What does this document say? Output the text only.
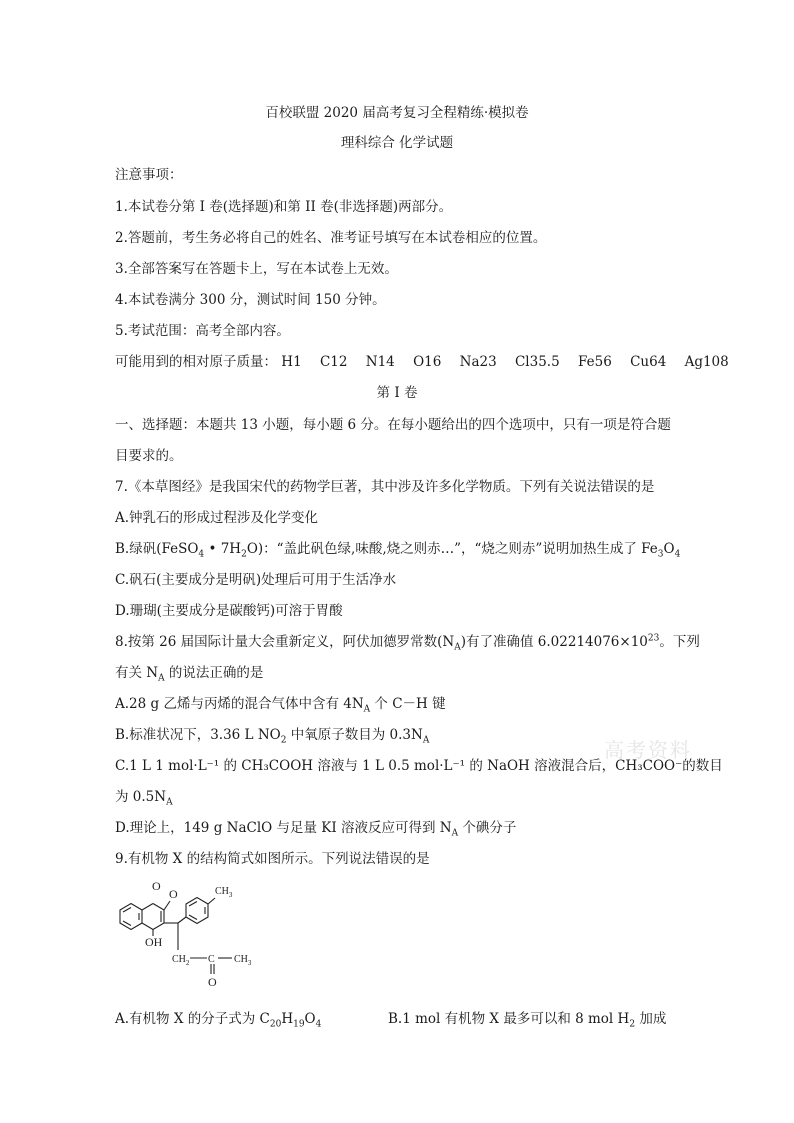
百校联盟 2020 届高考复习全程精练·模拟卷
理科综合 化学试题
注意事项：
1.本试卷分第 I 卷(选择题)和第 II 卷(非选择题)两部分。
2.答题前，考生务必将自己的姓名、准考证号填写在本试卷相应的位置。
3.全部答案写在答题卡上，写在本试卷上无效。
4.本试卷满分 300 分，测试时间 150 分钟。
5.考试范围：高考全部内容。
可能用到的相对原子质量： H1 C12 N14 O16 Na23 Cl35.5 Fe56 Cu64 Ag108
第 I 卷
一、选择题：本题共 13 小题，每小题 6 分。在每小题给出的四个选项中，只有一项是符合题
目要求的。
7.《本草图经》是我国宋代的药物学巨著，其中涉及许多化学物质。下列有关说法错误的是
A.钟乳石的形成过程涉及化学变化
B.绿矾(FeSO$_4$ • $7H_2O$)：“盖此矾色绿,味酸,烧之则赤…”，“烧之则赤”说明加热生成了 $Fe_3O_4$
C.矾石(主要成分是明矾)处理后可用于生活净水
D.珊瑚(主要成分是碳酸钙)可溶于胃酸
8.按第 26 届国际计量大会重新定义，阿伏加德罗常数$(N_A)$有了准确值 $6.02214076\times 10^{23}$。下列
有关 $N_A$ 的说法正确的是
A.28 g 乙烯与丙烯的混合气体中含有 $4N_A$ 个 C－H 键
B.标准状况下，3.36 L $NO_2$ 中氧原子数目为 $0.3N_A$
C.1 L 1 mol·L⁻¹ 的 CH₃COOH 溶液与 1 L 0.5 mol·L⁻¹ 的 NaOH 溶液混合后，CH₃COO⁻的数目
为 $0.5N_A$
D.理论上，149 g NaClO 与足量 KI 溶液反应可得到 $N_A$ 个碘分子
9.有机物 X 的结构简式如图所示。下列说法错误的是
O
O	$CH_3$
OH
$CH_2$ C $CH_3$
O
A.有机物 X 的分子式为 $C_{20}H_{19}O_4$	B.1 mol 有机物 X 最多可以和 8 mol $H_2$ 加成
高考资料
